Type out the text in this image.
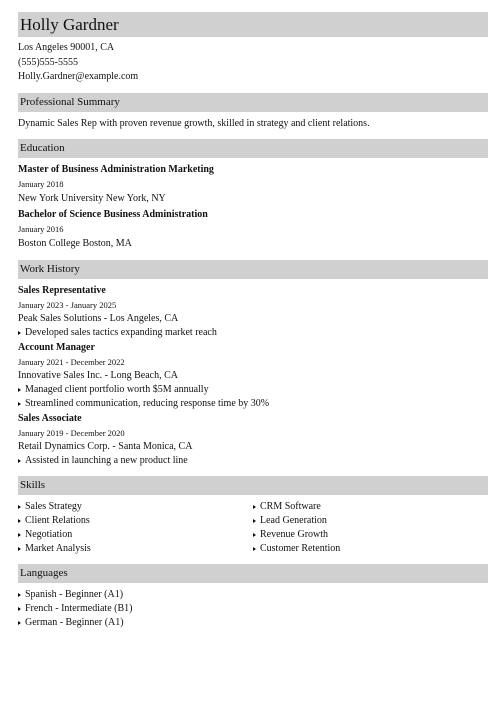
Holly Gardner
Los Angeles 90001, CA
(555)555-5555
Holly.Gardner@example.com
Professional Summary
Dynamic Sales Rep with proven revenue growth, skilled in strategy and client relations.
Education
Master of Business Administration Marketing
January 2018
New York University New York, NY
Bachelor of Science Business Administration
January 2016
Boston College Boston, MA
Work History
Sales Representative
January 2023 - January 2025
Peak Sales Solutions - Los Angeles, CA
Developed sales tactics expanding market reach
Account Manager
January 2021 - December 2022
Innovative Sales Inc. - Long Beach, CA
Managed client portfolio worth $5M annually
Streamlined communication, reducing response time by 30%
Sales Associate
January 2019 - December 2020
Retail Dynamics Corp. - Santa Monica, CA
Assisted in launching a new product line
Skills
Sales Strategy
Client Relations
Negotiation
Market Analysis
CRM Software
Lead Generation
Revenue Growth
Customer Retention
Languages
Spanish - Beginner (A1)
French - Intermediate (B1)
German - Beginner (A1)
